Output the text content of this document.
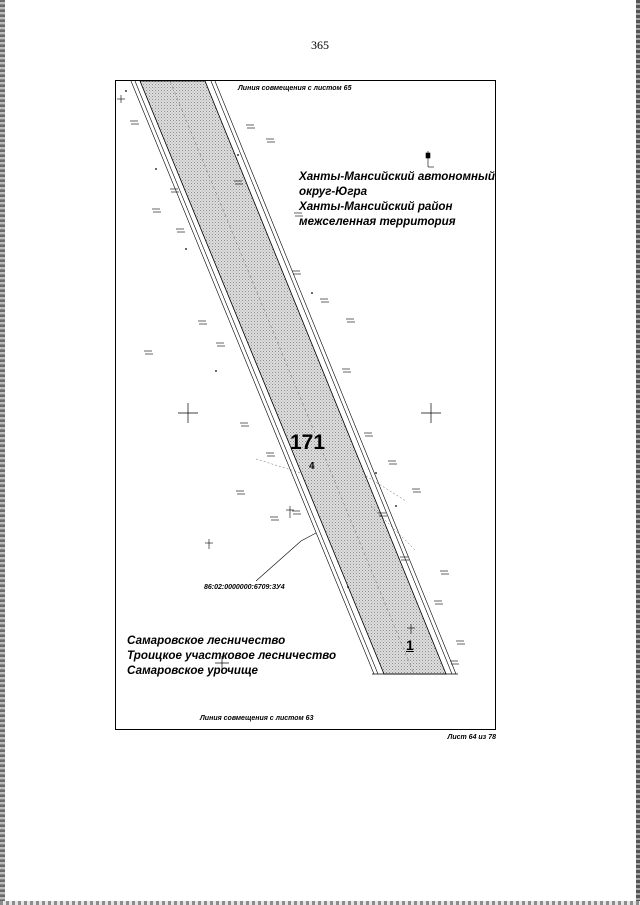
365
Линия совмещения с листом 65
Ханты-Мансийский автономный
округ-Югра
Ханты-Мансийский район
межселенная территория
171
4
86:02:0000000:6709:ЗУ4
Самаровское лесничество
Троицкое участковое лесничество
Самаровское урочище
1
Линия совмещения с листом 63
Лист 64 из 78
